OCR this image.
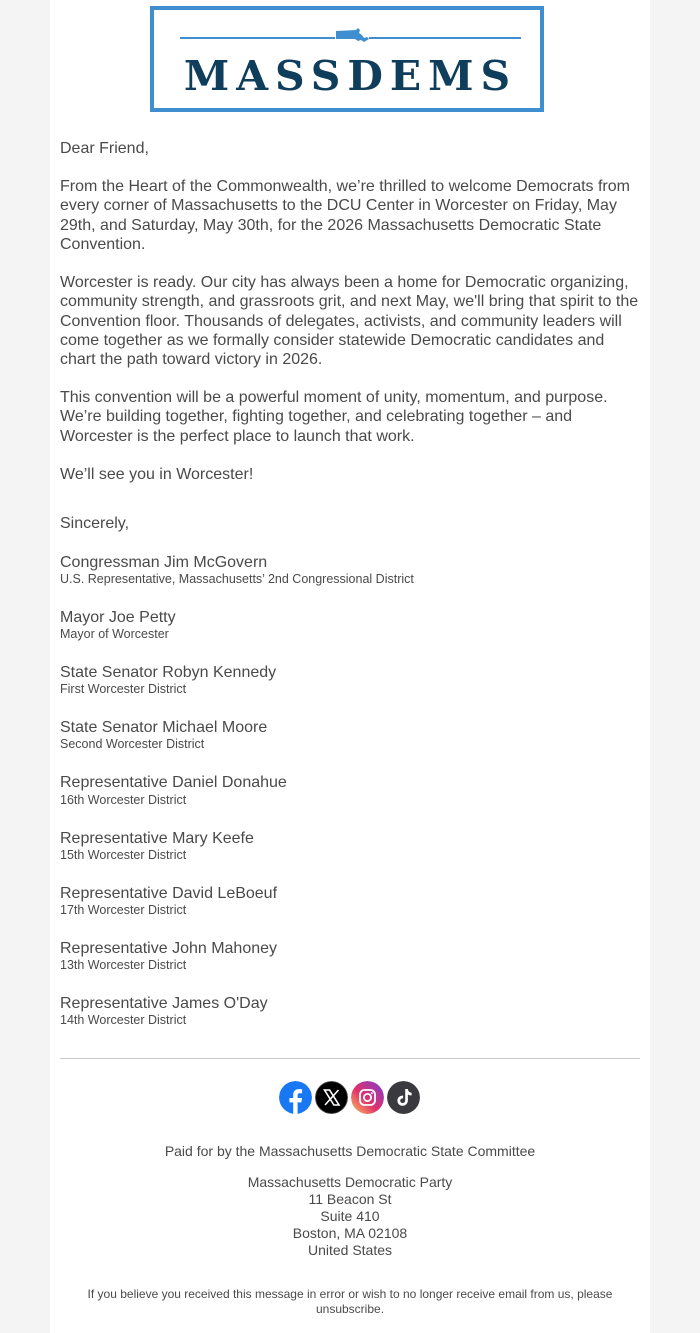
MASSDEMS

Dear Friend,

From the Heart of the Commonwealth, we’re thrilled to welcome Democrats from every corner of Massachusetts to the DCU Center in Worcester on Friday, May 29th, and Saturday, May 30th, for the 2026 Massachusetts Democratic State Convention.

Worcester is ready. Our city has always been a home for Democratic organizing, community strength, and grassroots grit, and next May, we'll bring that spirit to the Convention floor. Thousands of delegates, activists, and community leaders will come together as we formally consider statewide Democratic candidates and chart the path toward victory in 2026.

This convention will be a powerful moment of unity, momentum, and purpose. We’re building together, fighting together, and celebrating together – and Worcester is the perfect place to launch that work.

We’ll see you in Worcester!

Sincerely,

Congressman Jim McGovern
U.S. Representative, Massachusetts’ 2nd Congressional District
Mayor Joe Petty
Mayor of Worcester
State Senator Robyn Kennedy
First Worcester District
State Senator Michael Moore
Second Worcester District
Representative Daniel Donahue
16th Worcester District
Representative Mary Keefe
15th Worcester District
Representative David LeBoeuf
17th Worcester District
Representative John Mahoney
13th Worcester District
Representative James O'Day
14th Worcester District
Paid for by the Massachusetts Democratic State Committee
Massachusetts Democratic Party
11 Beacon St
Suite 410
Boston, MA 02108
United States
If you believe you received this message in error or wish to no longer receive email from us, please unsubscribe.
